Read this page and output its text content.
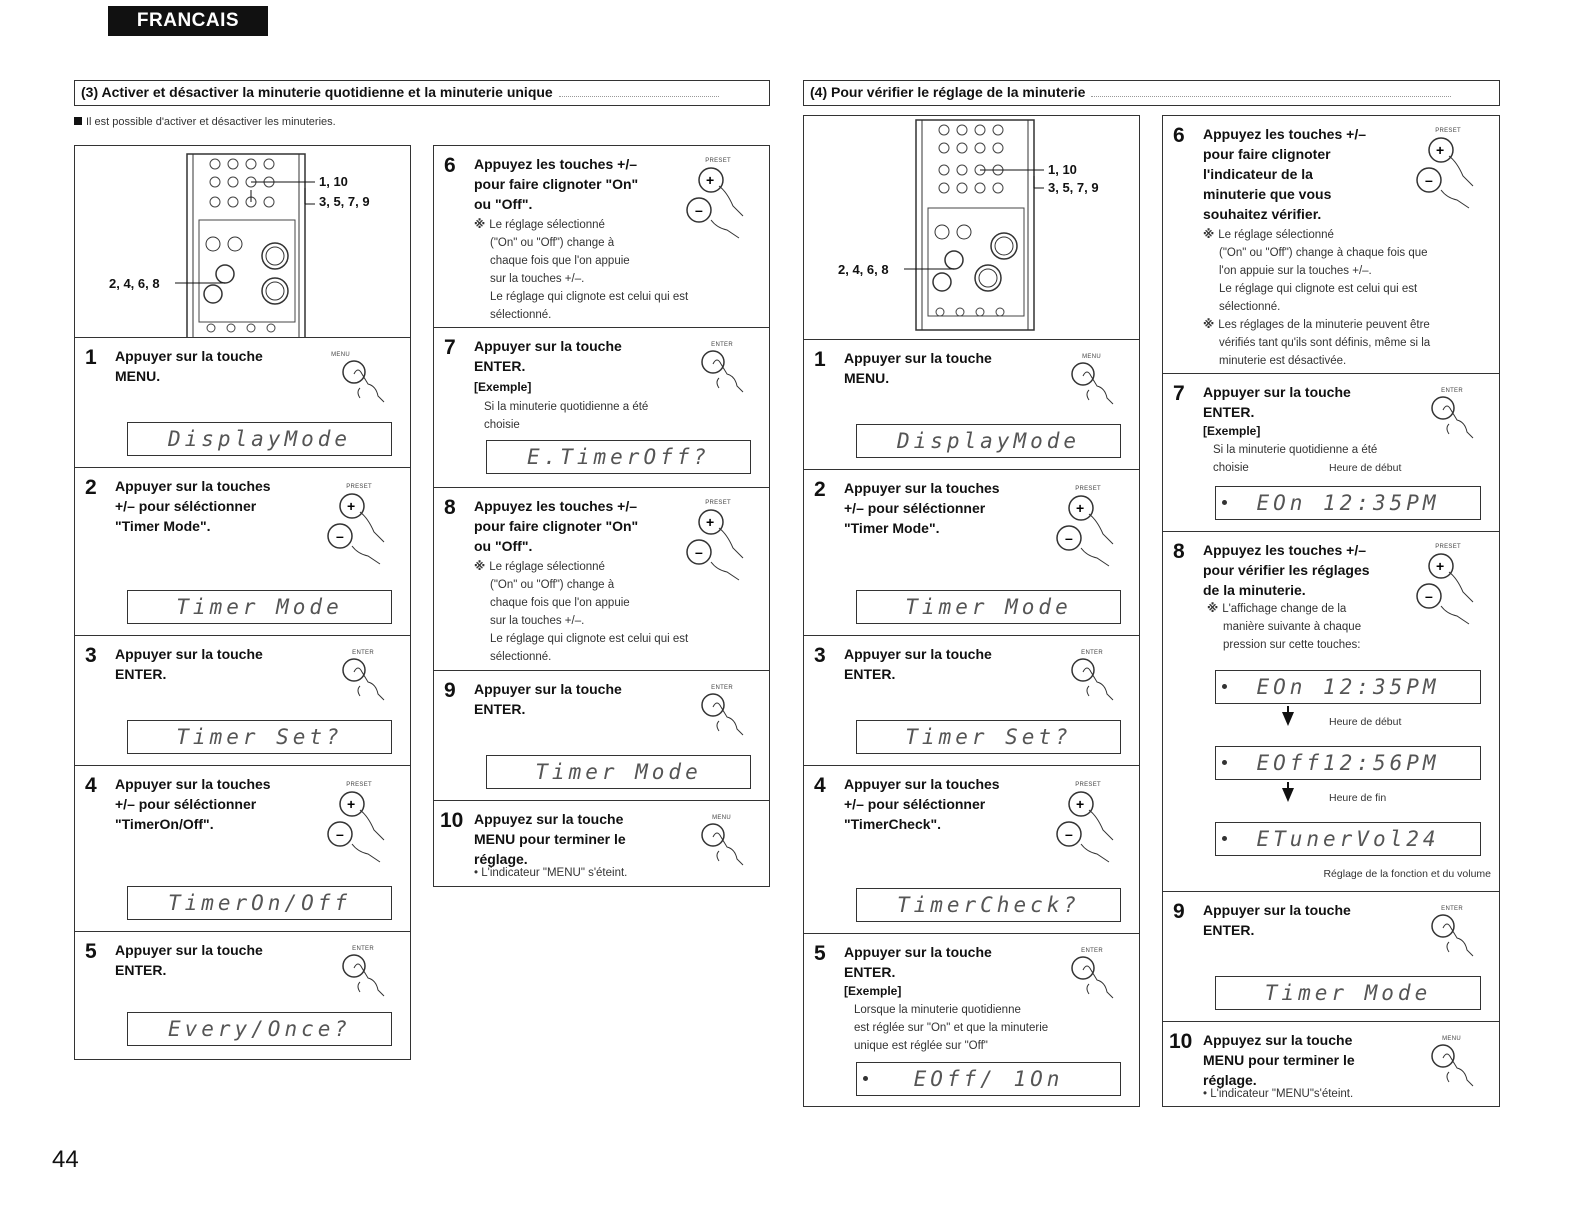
FRANCAIS
(3) Activer et désactiver la minuterie quotidienne et la minuterie unique
Il est possible d'activer et désactiver les minuteries.
(4) Pour vérifier le réglage de la minuterie
1, 10
3, 5, 7, 9
2, 4, 6, 8
1 Appuyer sur la touche
MENU.
MENU
DisplayMode
2 Appuyer sur la touches
+/– pour séléctionner
"Timer Mode".
PRESET
+
–
Timer Mode
3 Appuyer sur la touche
ENTER.
ENTER
Timer Set?
4 Appuyer sur la touches
+/– pour séléctionner
"TimerOn/Off".
PRESET
+
–
TimerOn/Off
5 Appuyer sur la touche
ENTER.
ENTER
Every/Once?
6 Appuyez les touches +/–
pour faire clignoter "On"
ou "Off".
PRESET
+
–
※ Le réglage sélectionné
("On" ou "Off") change à
chaque fois que l'on appuie
sur la touches +/–.
Le réglage qui clignote est celui qui est
sélectionné.
7 Appuyer sur la touche
ENTER.
ENTER
[Exemple]
Si la minuterie quotidienne a été
choisie
E.TimerOff?
8 Appuyez les touches +/–
pour faire clignoter "On"
ou "Off".
PRESET
+
–
※ Le réglage sélectionné
("On" ou "Off") change à
chaque fois que l'on appuie
sur la touches +/–.
Le réglage qui clignote est celui qui est
sélectionné.
9 Appuyer sur la touche
ENTER.
ENTER
Timer Mode
10 Appuyez sur la touche
MENU pour terminer le
réglage.
MENU
• L'indicateur "MENU" s'éteint.
1, 10
3, 5, 7, 9
2, 4, 6, 8
1 Appuyer sur la touche
MENU.
MENU
DisplayMode
2 Appuyer sur la touches
+/– pour séléctionner
"Timer Mode".
PRESET
+
–
Timer Mode
3 Appuyer sur la touche
ENTER.
ENTER
Timer Set?
4 Appuyer sur la touches
+/– pour séléctionner
"TimerCheck".
PRESET
+
–
TimerCheck?
5 Appuyer sur la touche
ENTER.
ENTER
[Exemple]
Lorsque la minuterie quotidienne
est réglée sur "On" et que la minuterie
unique est réglée sur "Off"
EOff/ 1On
6 Appuyez les touches +/–
pour faire clignoter
l'indicateur de la
minuterie que vous
souhaitez vérifier.
PRESET
+
–
※ Le réglage sélectionné
("On" ou "Off") change à chaque fois que
l'on appuie sur la touches +/–.
Le réglage qui clignote est celui qui est
sélectionné.
※ Les réglages de la minuterie peuvent être
vérifiés tant qu'ils sont définis, même si la
minuterie est désactivée.
7 Appuyer sur la touche
ENTER.
ENTER
[Exemple]
Si la minuterie quotidienne a été
choisie	Heure de début
EOn 12:35PM
8 Appuyez les touches +/–
pour vérifier les réglages
de la minuterie.
PRESET
+
–
※ L'affichage change de la
manière suivante à chaque
pression sur cette touches:
EOn 12:35PM
Heure de début
EOff12:56PM
Heure de fin
ETunerVol24
Réglage de la fonction et du volume
9 Appuyer sur la touche
ENTER.
ENTER
Timer Mode
10 Appuyez sur la touche
MENU pour terminer le
réglage.
MENU
• L'indicateur "MENU"s'éteint.
44
